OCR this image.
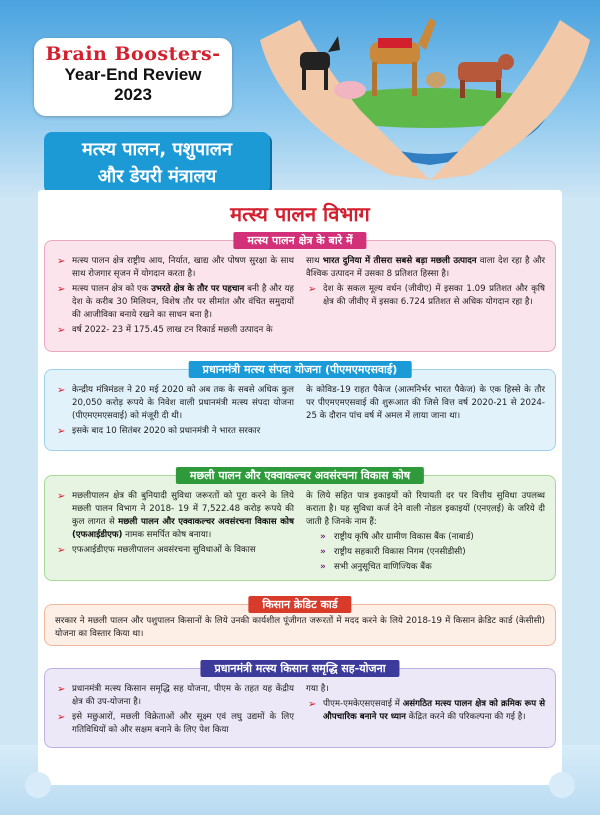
Brain Boosters-
Year-End Review
2023
मत्स्य पालन, पशुपालन
और डेयरी मंत्रालय
मत्स्य पालन विभाग
मत्स्य पालन क्षेत्र के बारे में

➢ मत्स्य पालन क्षेत्र राष्ट्रीय आय, निर्यात, खाद्य और पोषण सुरक्षा के साथ साथ रोजगार सृजन में योगदान करता है।

➢ मत्स्य पालन क्षेत्र को एक उभरते क्षेत्र के तौर पर पहचान बनी है और यह देश के करीब 30 मिलियन, विशेष तौर पर सीमांत और वंचित समुदायों की आजीविका बनाये रखने का साधन बना है।

➢ वर्ष 2022- 23 में 175.45 लाख टन रिकार्ड मछली उत्पादन के

साथ भारत दुनिया में तीसरा सबसे बड़ा मछली उत्पादन वाला देश रहा है और वैश्विक उत्पादन में उसका 8 प्रतिशत हिस्सा है।

➢ देश के सकल मूल्य वर्धन (जीवीए) में इसका 1.09 प्रतिशत और कृषि क्षेत्र की जीवीए में इसका 6.724 प्रतिशत से अधिक योगदान रहा है।

प्रधानमंत्री मत्स्य संपदा योजना (पीएमएमएसवाई)

➢ केन्द्रीय मंत्रिमंडल ने 20 मई 2020 को अब तक के सबसे अधिक कुल 20,050 करोड़ रूपये के निवेश वाली प्रधानमंत्री मत्स्य संपदा योजना (पीएमएमएसवाई) को मंजूरी दी थी।

➢ इसके बाद 10 सितंबर 2020 को प्रधानमंत्री ने भारत सरकार

के कोविड-19 राहत पैकेज (आत्मनिर्भर भारत पैकेज) के एक हिस्से के तौर पर पीएमएमएसवाई की शुरूआत की जिसे वित्त वर्ष 2020-21 से 2024- 25 के दौरान पांच वर्ष में अमल में लाया जाना था।

मछली पालन और एक्वाकल्चर अवसंरचना विकास कोष

➢ मछलीपालन क्षेत्र की बुनियादी सुविधा जरूरतों को पूरा करने के लिये मछली पालन विभाग ने 2018- 19 में 7,522.48 करोड़ रूपये की कुल लागत से मछली पालन और एक्वाकल्चर अवसंरचना विकास कोष (एफआईडीएफ) नामक समर्पित कोष बनाया।

➢ एफआईडीएफ मछलीपालन अवसंरचना सुविधाओं के विकास

के लिये सहित पात्र इकाइयों को रियायती दर पर वित्तीय सुविधा उपलब्ध कराता है। यह सुविधा कर्ज देने वाली नोडल इकाइयों (एनएलई) के जरिये दी जाती है जिनके नाम हैं:

» राष्ट्रीय कृषि और ग्रामीण विकास बैंक (नाबार्ड)

» राष्ट्रीय सहकारी विकास निगम (एनसीडीसी)

» सभी अनुसूचित वाणिज्यिक बैंक

किसान क्रेडिट कार्ड
सरकार ने मछली पालन और पशुपालन किसानों के लिये उनकी कार्यशील पूंजीगत जरूरतों में मदद करने के लिये 2018-19 में किसान क्रेडिट कार्ड (केसीसी) योजना का विस्तार किया था।
प्रधानमंत्री मत्स्य किसान समृद्धि सह-योजना

➢ प्रधानमंत्री मत्स्य किसान समृद्धि सह योजना, पीएम के तहत यह केंद्रीय क्षेत्र की उप-योजना है।

➢ इसे मछुआरों, मछली विक्रेताओं और सूक्ष्म एवं लघु उद्यमों के लिए गतिविधियों को और सक्षम बनाने के लिए पेश किया

गया है।

➢ पीएम-एमकेएसएसवाई में असंगठित मत्स्य पालन क्षेत्र को क्रमिक रूप से औपचारिक बनाने पर ध्यान केंद्रित करने की परिकल्पना की गई है।
